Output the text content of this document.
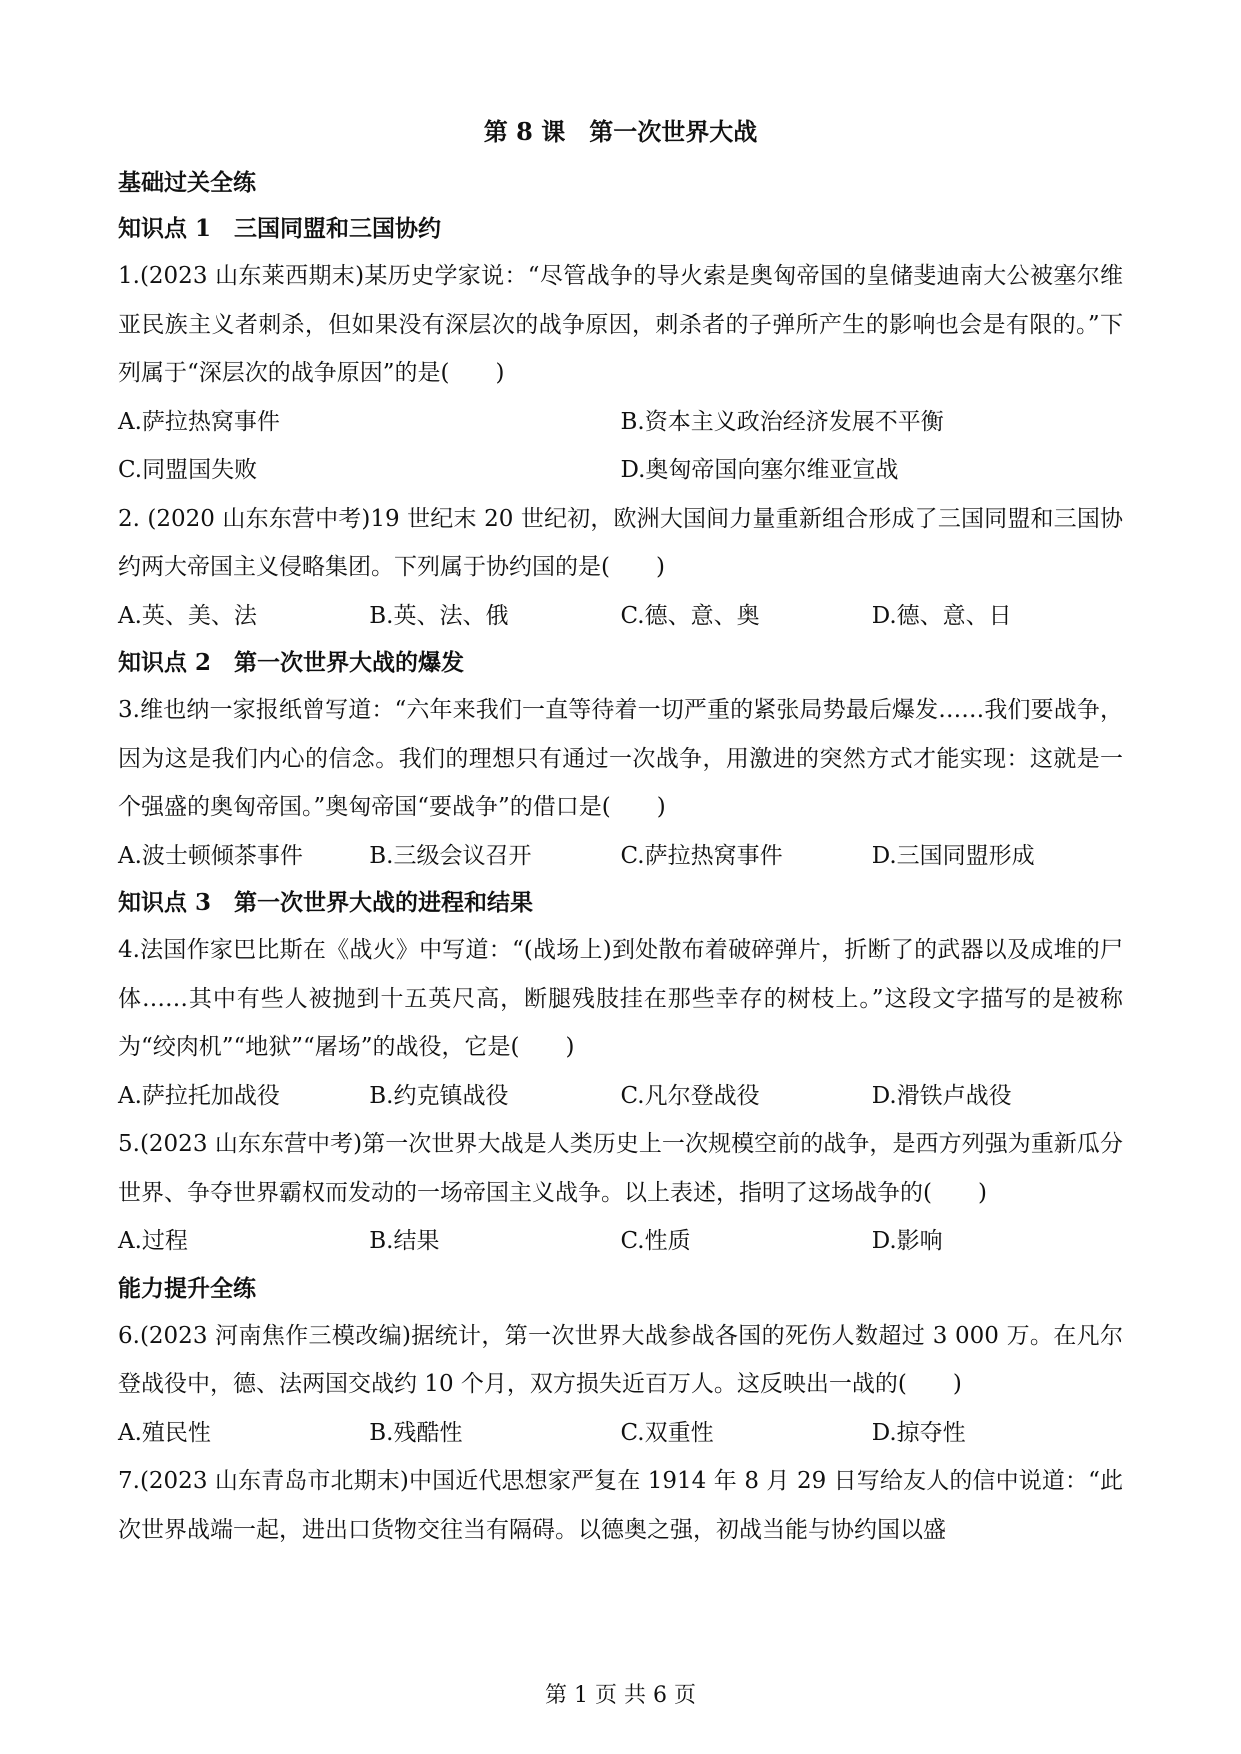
第 8 课　第一次世界大战
基础过关全练
知识点 1　三国同盟和三国协约

1.(2023 山东莱西期末)某历史学家说：“尽管战争的导火索是奥匈帝国的皇储斐迪南大公被塞尔维亚民族主义者刺杀，但如果没有深层次的战争原因，刺杀者的子弹所产生的影响也会是有限的。”下列属于“深层次的战争原因”的是(　　)

A.萨拉热窝事件	B.资本主义政治经济发展不平衡
C.同盟国失败	D.奥匈帝国向塞尔维亚宣战

2. (2020 山东东营中考)19 世纪末 20 世纪初，欧洲大国间力量重新组合形成了三国同盟和三国协约两大帝国主义侵略集团。下列属于协约国的是(　　)

A.英、美、法	B.英、法、俄	C.德、意、奥	D.德、意、日
知识点 2　第一次世界大战的爆发

3.维也纳一家报纸曾写道：“六年来我们一直等待着一切严重的紧张局势最后爆发……我们要战争，因为这是我们内心的信念。我们的理想只有通过一次战争，用激进的突然方式才能实现：这就是一个强盛的奥匈帝国。”奥匈帝国“要战争”的借口是(　　)

A.波士顿倾茶事件	B.三级会议召开	C.萨拉热窝事件	D.三国同盟形成
知识点 3　第一次世界大战的进程和结果

4.法国作家巴比斯在《战火》中写道：“(战场上)到处散布着破碎弹片，折断了的武器以及成堆的尸体……其中有些人被抛到十五英尺高，断腿残肢挂在那些幸存的树枝上。”这段文字描写的是被称为“绞肉机”“地狱”“屠场”的战役，它是(　　)

A.萨拉托加战役	B.约克镇战役	C.凡尔登战役	D.滑铁卢战役

5.(2023 山东东营中考)第一次世界大战是人类历史上一次规模空前的战争，是西方列强为重新瓜分世界、争夺世界霸权而发动的一场帝国主义战争。以上表述，指明了这场战争的(　　)

A.过程	B.结果	C.性质	D.影响
能力提升全练

6.(2023 河南焦作三模改编)据统计，第一次世界大战参战各国的死伤人数超过 3 000 万。在凡尔登战役中，德、法两国交战约 10 个月，双方损失近百万人。这反映出一战的(　　)

A.殖民性	B.残酷性	C.双重性	D.掠夺性

7.(2023 山东青岛市北期末)中国近代思想家严复在 1914 年 8 月 29 日写给友人的信中说道：“此次世界战端一起，进出口货物交往当有隔碍。以德奥之强，初战当能与协约国以盛

第 1 页 共 6 页
